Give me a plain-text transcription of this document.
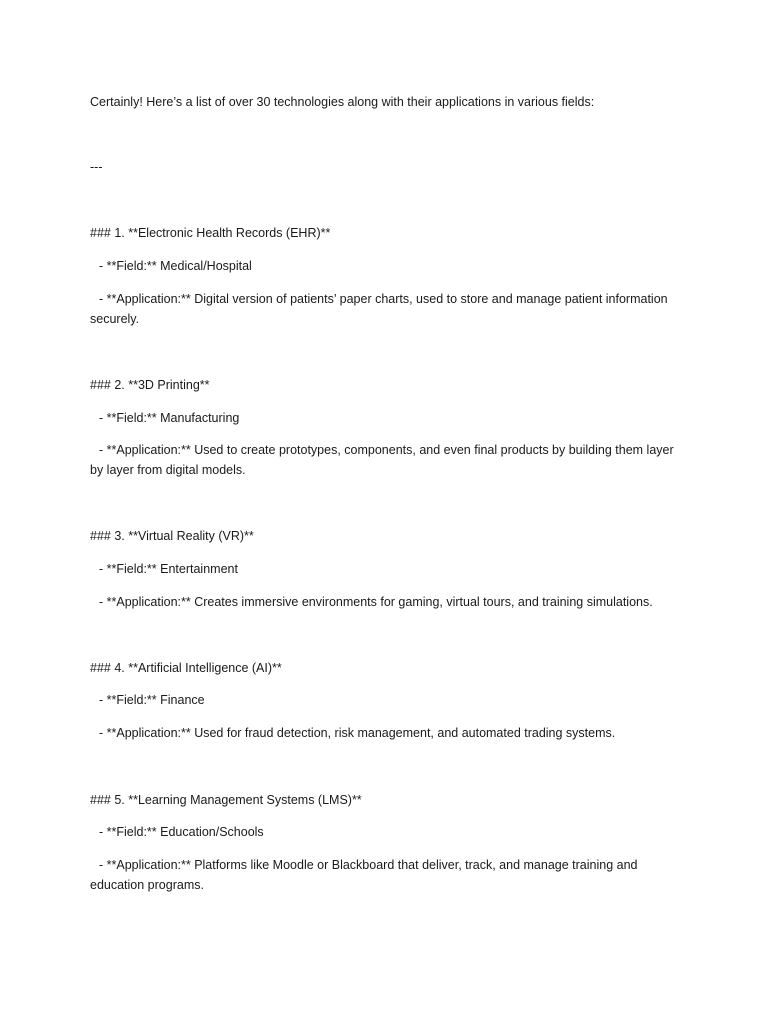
Certainly! Here’s a list of over 30 technologies along with their applications in various fields:
---
### 1. **Electronic Health Records (EHR)**
- **Field:** Medical/Hospital
- **Application:** Digital version of patients’ paper charts, used to store and manage patient information securely.
### 2. **3D Printing**
- **Field:** Manufacturing
- **Application:** Used to create prototypes, components, and even final products by building them layer by layer from digital models.
### 3. **Virtual Reality (VR)**
- **Field:** Entertainment
- **Application:** Creates immersive environments for gaming, virtual tours, and training simulations.
### 4. **Artificial Intelligence (AI)**
- **Field:** Finance
- **Application:** Used for fraud detection, risk management, and automated trading systems.
### 5. **Learning Management Systems (LMS)**
- **Field:** Education/Schools
- **Application:** Platforms like Moodle or Blackboard that deliver, track, and manage training and education programs.
